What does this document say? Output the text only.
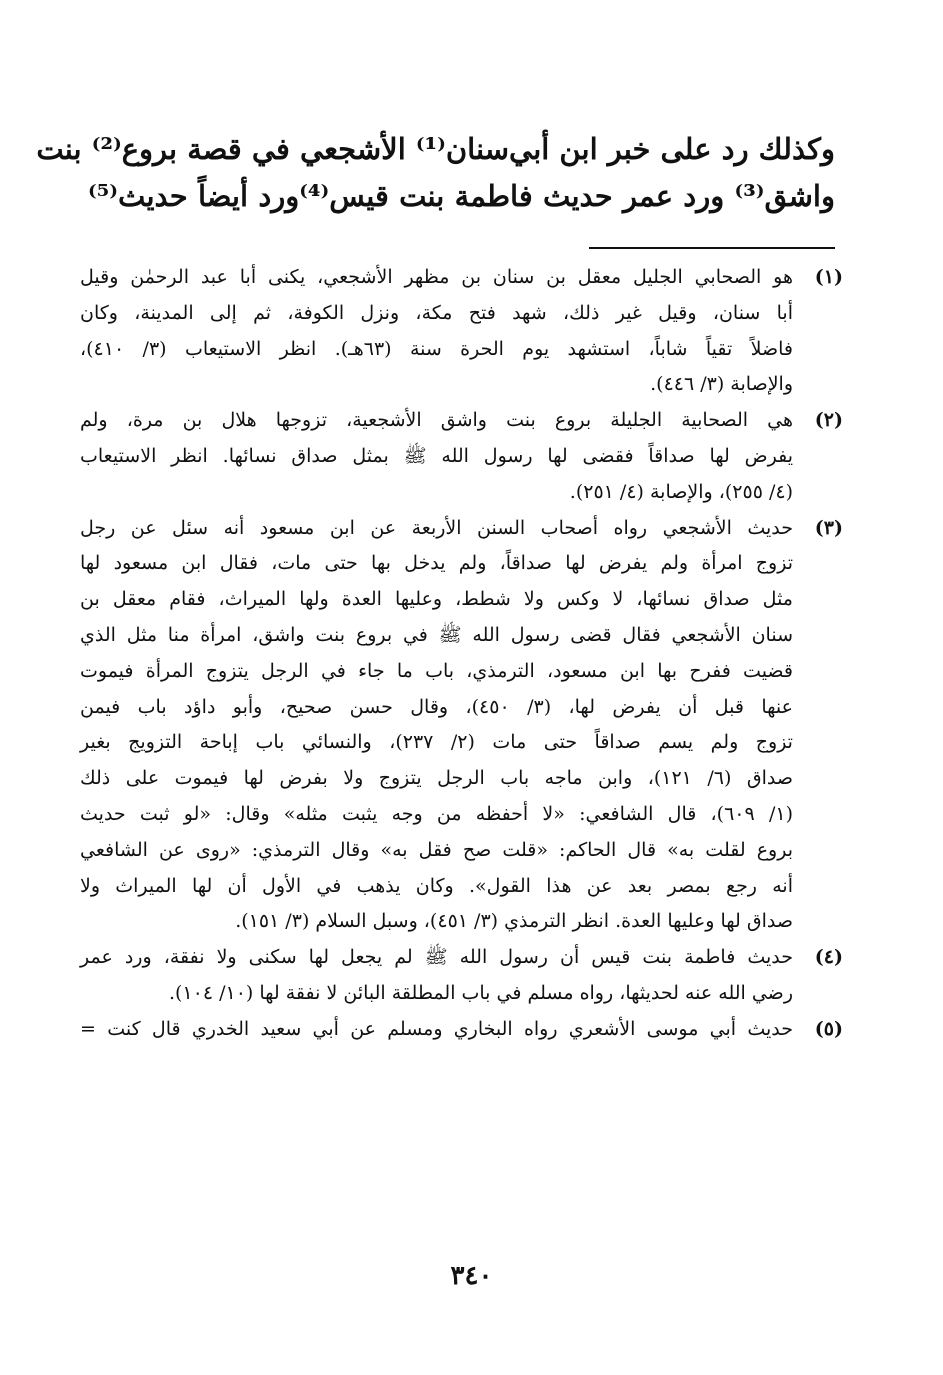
وكذلك رد على خبر ابن أبي‌سنان⁽¹⁾ الأشجعي في قصة بروع⁽²⁾ بنت
واشق⁽³⁾ ورد عمر حديث فاطمة بنت قيس⁽⁴⁾ورد أيضاً حديث⁽⁵⁾
(١)
هو الصحابي الجليل معقل بن سنان بن مظهر الأشجعي، يكنى أبا عبد الرحمٰن وقيل
أبا سنان، وقيل غير ذلك، شهد فتح مكة، ونزل الكوفة، ثم إلى المدينة، وكان
فاضلاً تقياً شاباً، استشهد يوم الحرة سنة (٦٣هـ). انظر الاستيعاب (٣/ ٤١٠)،
والإصابة (٣/ ٤٤٦).
(٢)
هي الصحابية الجليلة بروع بنت واشق الأشجعية، تزوجها هلال بن مرة، ولم
يفرض لها صداقاً فقضى لها رسول الله ﷺ بمثل صداق نسائها. انظر الاستيعاب
(٤/ ٢٥٥)، والإصابة (٤/ ٢٥١).
(٣)
حديث الأشجعي رواه أصحاب السنن الأربعة عن ابن مسعود أنه سئل عن رجل
تزوج امرأة ولم يفرض لها صداقاً، ولم يدخل بها حتى مات، فقال ابن مسعود لها
مثل صداق نسائها، لا وكس ولا شطط، وعليها العدة ولها الميراث، فقام معقل بن
سنان الأشجعي فقال قضى رسول الله ﷺ في بروع بنت واشق، امرأة منا مثل الذي
قضيت ففرح بها ابن مسعود، الترمذي، باب ما جاء في الرجل يتزوج المرأة فيموت
عنها قبل أن يفرض لها، (٣/ ٤٥٠)، وقال حسن صحيح، وأبو داؤد باب فيمن
تزوج ولم يسم صداقاً حتى مات (٢/ ٢٣٧)، والنسائي باب إباحة التزويج بغير
صداق (٦/ ١٢١)، وابن ماجه باب الرجل يتزوج ولا بفرض لها فيموت على ذلك
(١/ ٦٠٩)، قال الشافعي: «لا أحفظه من وجه يثبت مثله» وقال: «لو ثبت حديث
بروع لقلت به» قال الحاكم: «قلت صح فقل به» وقال الترمذي: «روى عن الشافعي
أنه رجع بمصر بعد عن هذا القول». وكان يذهب في الأول أن لها الميراث ولا
صداق لها وعليها العدة. انظر الترمذي (٣/ ٤٥١)، وسبل السلام (٣/ ١٥١).
(٤)
حديث فاطمة بنت قيس أن رسول الله ﷺ لم يجعل لها سكنى ولا نفقة، ورد عمر
رضي الله عنه لحديثها، رواه مسلم في باب المطلقة البائن لا نفقة لها (١٠/ ١٠٤).
(٥)
حديث أبي موسى الأشعري رواه البخاري ومسلم عن أبي سعيد الخدري قال كنت =
٣٤٠
